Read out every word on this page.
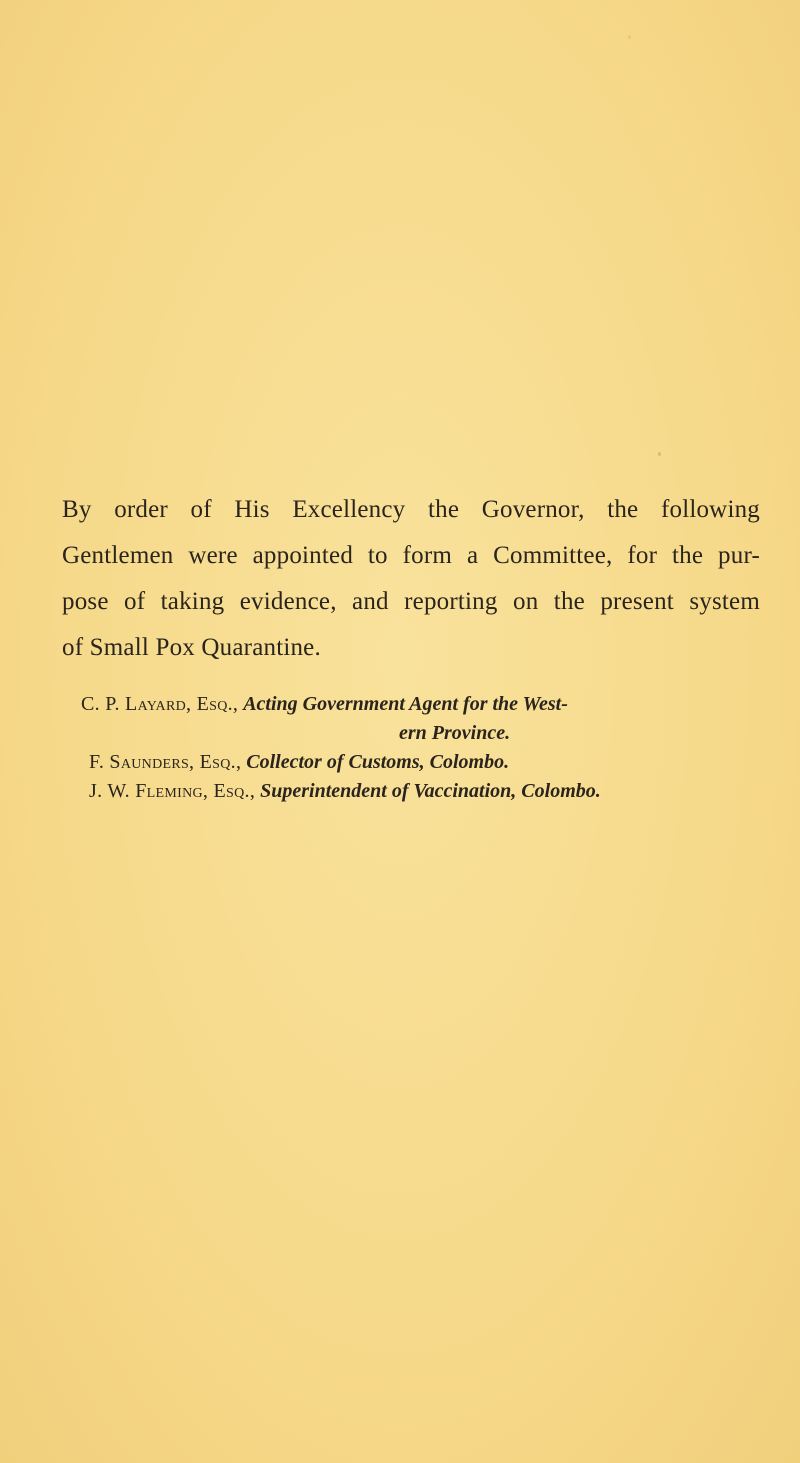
By order of His Excellency the Governor, the following
Gentlemen were appointed to form a Committee, for the pur-
pose of taking evidence, and reporting on the present system
of Small Pox Quarantine.

C. P. Layard, Esq., Acting Government Agent for the West-
ern Province.
F. Saunders, Esq., Collector of Customs, Colombo.
J. W. Fleming, Esq., Superintendent of Vaccination, Colombo.
